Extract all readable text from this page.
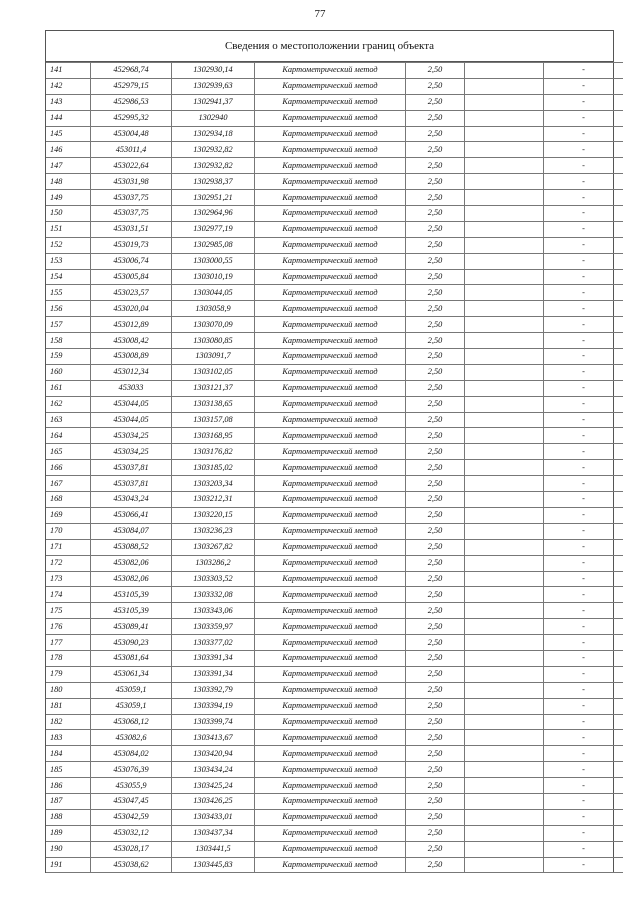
77
Сведения о местоположении границ объекта
141	452968,74	1302930,14	Картометрический метод	2,50		-
142	452979,15	1302939,63	Картометрический метод	2,50		-
143	452986,53	1302941,37	Картометрический метод	2,50		-
144	452995,32	1302940	Картометрический метод	2,50		-
145	453004,48	1302934,18	Картометрический метод	2,50		-
146	453011,4	1302932,82	Картометрический метод	2,50		-
147	453022,64	1302932,82	Картометрический метод	2,50		-
148	453031,98	1302938,37	Картометрический метод	2,50		-
149	453037,75	1302951,21	Картометрический метод	2,50		-
150	453037,75	1302964,96	Картометрический метод	2,50		-
151	453031,51	1302977,19	Картометрический метод	2,50		-
152	453019,73	1302985,08	Картометрический метод	2,50		-
153	453006,74	1303000,55	Картометрический метод	2,50		-
154	453005,84	1303010,19	Картометрический метод	2,50		-
155	453023,57	1303044,05	Картометрический метод	2,50		-
156	453020,04	1303058,9	Картометрический метод	2,50		-
157	453012,89	1303070,09	Картометрический метод	2,50		-
158	453008,42	1303080,85	Картометрический метод	2,50		-
159	453008,89	1303091,7	Картометрический метод	2,50		-
160	453012,34	1303102,05	Картометрический метод	2,50		-
161	453033	1303121,37	Картометрический метод	2,50		-
162	453044,05	1303138,65	Картометрический метод	2,50		-
163	453044,05	1303157,08	Картометрический метод	2,50		-
164	453034,25	1303168,95	Картометрический метод	2,50		-
165	453034,25	1303176,82	Картометрический метод	2,50		-
166	453037,81	1303185,02	Картометрический метод	2,50		-
167	453037,81	1303203,34	Картометрический метод	2,50		-
168	453043,24	1303212,31	Картометрический метод	2,50		-
169	453066,41	1303220,15	Картометрический метод	2,50		-
170	453084,07	1303236,23	Картометрический метод	2,50		-
171	453088,52	1303267,82	Картометрический метод	2,50		-
172	453082,06	1303286,2	Картометрический метод	2,50		-
173	453082,06	1303303,52	Картометрический метод	2,50		-
174	453105,39	1303332,08	Картометрический метод	2,50		-
175	453105,39	1303343,06	Картометрический метод	2,50		-
176	453089,41	1303359,97	Картометрический метод	2,50		-
177	453090,23	1303377,02	Картометрический метод	2,50		-
178	453081,64	1303391,34	Картометрический метод	2,50		-
179	453061,34	1303391,34	Картометрический метод	2,50		-
180	453059,1	1303392,79	Картометрический метод	2,50		-
181	453059,1	1303394,19	Картометрический метод	2,50		-
182	453068,12	1303399,74	Картометрический метод	2,50		-
183	453082,6	1303413,67	Картометрический метод	2,50		-
184	453084,02	1303420,94	Картометрический метод	2,50		-
185	453076,39	1303434,24	Картометрический метод	2,50		-
186	453055,9	1303425,24	Картометрический метод	2,50		-
187	453047,45	1303426,25	Картометрический метод	2,50		-
188	453042,59	1303433,01	Картометрический метод	2,50		-
189	453032,12	1303437,34	Картометрический метод	2,50		-
190	453028,17	1303441,5	Картометрический метод	2,50		-
191	453038,62	1303445,83	Картометрический метод	2,50		-
